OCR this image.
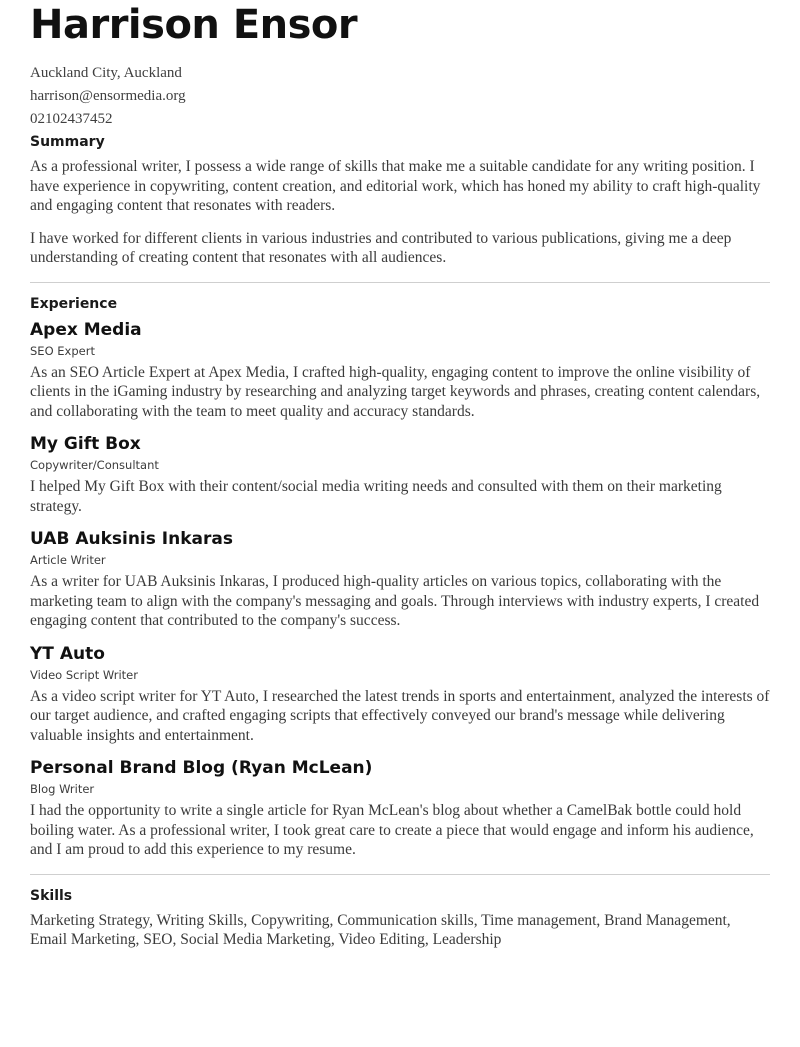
Harrison Ensor
Auckland City, Auckland
harrison@ensormedia.org
02102437452
Summary

As a professional writer, I possess a wide range of skills that make me a suitable candidate for any writing position. I have experience in copywriting, content creation, and editorial work, which has honed my ability to craft high-quality and engaging content that resonates with readers.

I have worked for different clients in various industries and contributed to various publications, giving me a deep understanding of creating content that resonates with all audiences.

Experience
Apex Media
SEO Expert

As an SEO Article Expert at Apex Media, I crafted high-quality, engaging content to improve the online visibility of clients in the iGaming industry by researching and analyzing target keywords and phrases, creating content calendars, and collaborating with the team to meet quality and accuracy standards.

My Gift Box
Copywriter/Consultant

I helped My Gift Box with their content/social media writing needs and consulted with them on their marketing strategy.

UAB Auksinis Inkaras
Article Writer

As a writer for UAB Auksinis Inkaras, I produced high-quality articles on various topics, collaborating with the marketing team to align with the company's messaging and goals. Through interviews with industry experts, I created engaging content that contributed to the company's success.

YT Auto
Video Script Writer

As a video script writer for YT Auto, I researched the latest trends in sports and entertainment, analyzed the interests of our target audience, and crafted engaging scripts that effectively conveyed our brand's message while delivering valuable insights and entertainment.

Personal Brand Blog (Ryan McLean)
Blog Writer

I had the opportunity to write a single article for Ryan McLean's blog about whether a CamelBak bottle could hold boiling water. As a professional writer, I took great care to create a piece that would engage and inform his audience, and I am proud to add this experience to my resume.

Skills

Marketing Strategy, Writing Skills, Copywriting, Communication skills, Time management, Brand Management, Email Marketing, SEO, Social Media Marketing, Video Editing, Leadership
